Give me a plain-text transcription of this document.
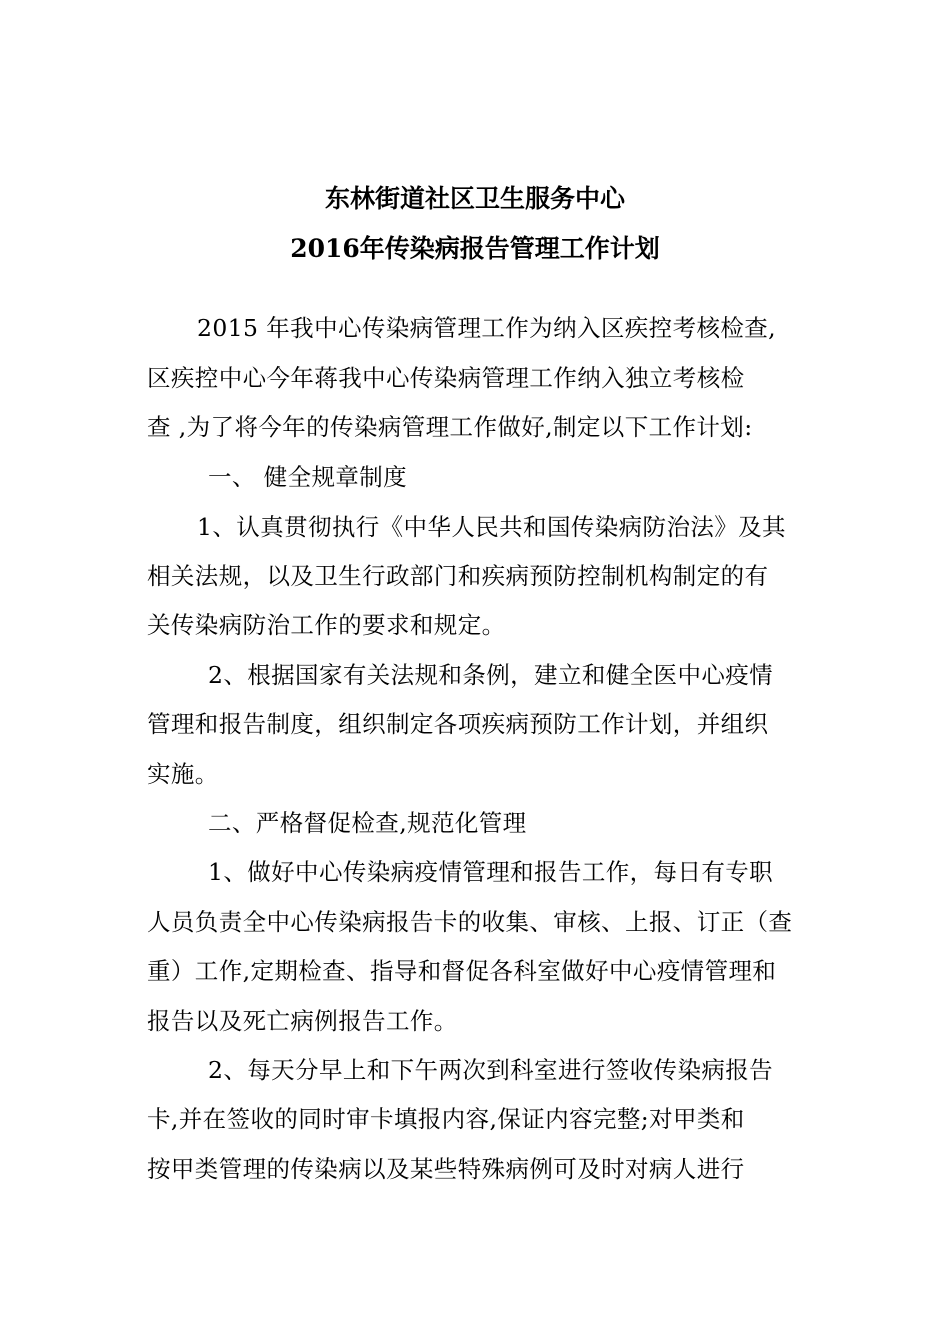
东林街道社区卫生服务中心
2016年传染病报告管理工作计划
2015 年我中心传染病管理工作为纳入区疾控考核检查,
区疾控中心今年蒋我中心传染病管理工作纳入独立考核检
查 ,为了将今年的传染病管理工作做好,制定以下工作计划:
一、 健全规章制度
1、认真贯彻执行《中华人民共和国传染病防治法》及其
相关法规，以及卫生行政部门和疾病预防控制机构制定的有
关传染病防治工作的要求和规定。
2、根据国家有关法规和条例，建立和健全医中心疫情
管理和报告制度，组织制定各项疾病预防工作计划，并组织
实施。
二、严格督促检查,规范化管理
1、做好中心传染病疫情管理和报告工作，每日有专职
人员负责全中心传染病报告卡的收集、审核、上报、订正（查
重）工作,定期检查、指导和督促各科室做好中心疫情管理和
报告以及死亡病例报告工作。
2、每天分早上和下午两次到科室进行签收传染病报告
卡,并在签收的同时审卡填报内容,保证内容完整;对甲类和
按甲类管理的传染病以及某些特殊病例可及时对病人进行
